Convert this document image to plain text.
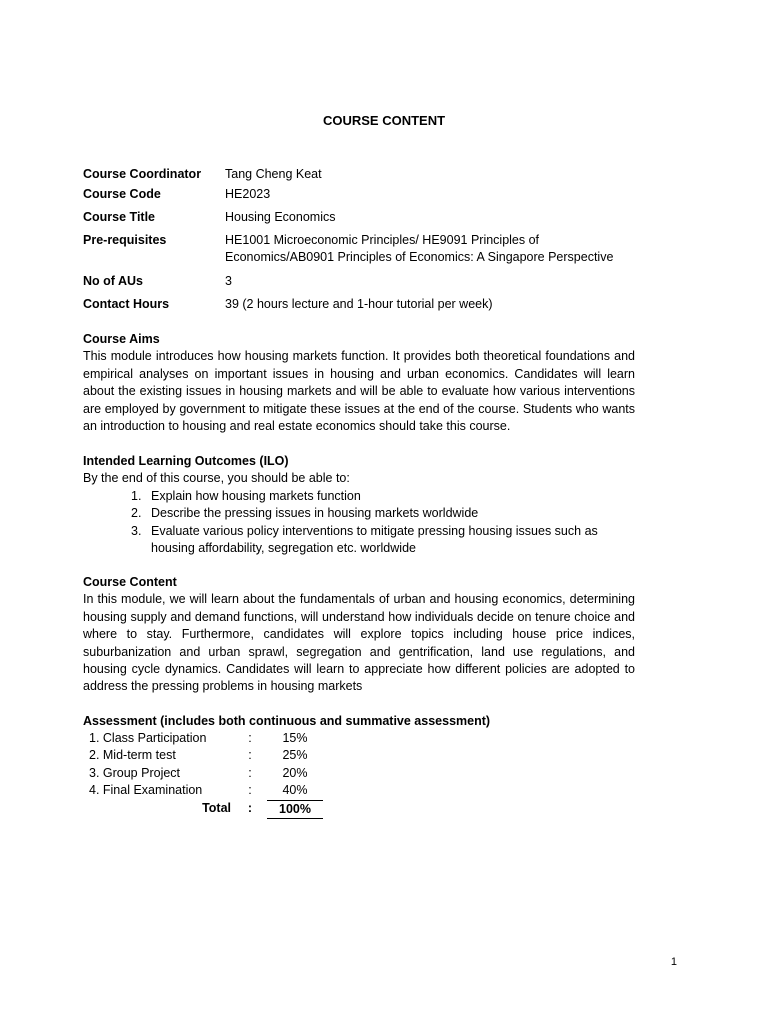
COURSE CONTENT
Course Coordinator	Tang Cheng Keat
Course Code	HE2023
Course Title	Housing Economics
Pre-requisites	HE1001 Microeconomic Principles/ HE9091 Principles of Economics/AB0901 Principles of Economics: A Singapore Perspective
No of AUs	3
Contact Hours	39 (2 hours lecture and 1-hour tutorial per week)
Course Aims
This module introduces how housing markets function. It provides both theoretical foundations and empirical analyses on important issues in housing and urban economics. Candidates will learn about the existing issues in housing markets and will be able to evaluate how various interventions are employed by government to mitigate these issues at the end of the course. Students who wants an introduction to housing and real estate economics should take this course.
Intended Learning Outcomes (ILO)
By the end of this course, you should be able to:
1. Explain how housing markets function
2. Describe the pressing issues in housing markets worldwide
3. Evaluate various policy interventions to mitigate pressing housing issues such as housing affordability, segregation etc. worldwide
Course Content
In this module, we will learn about the fundamentals of urban and housing economics, determining housing supply and demand functions, will understand how individuals decide on tenure choice and where to stay. Furthermore, candidates will explore topics including house price indices, suburbanization and urban sprawl, segregation and gentrification, land use regulations, and housing cycle dynamics. Candidates will learn to appreciate how different policies are adopted to address the pressing problems in housing markets
Assessment (includes both continuous and summative assessment)
1. Class Participation	:	15%
2. Mid-term test	:	25%
3. Group Project	:	20%
4. Final Examination	:	40%
Total	:	100%
1
